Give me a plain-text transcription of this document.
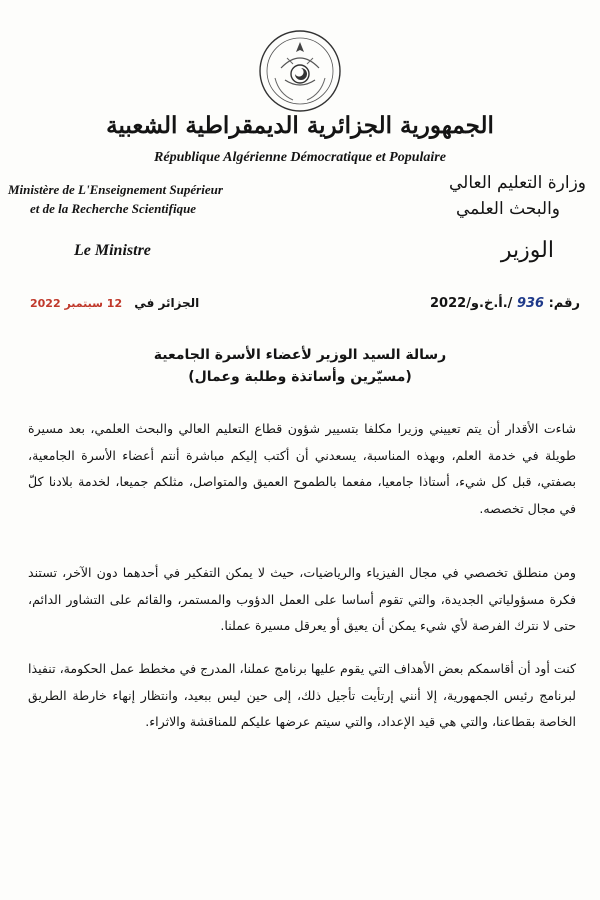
الجمهورية الجزائرية الديمقراطية الشعبية
République Algérienne Démocratique et Populaire
Ministère de L'Enseignement Supérieur
et de la Recherche Scientifique
وزارة التعليم العالي
والبحث العلمي
Le Ministre	الوزير
رقم: 936 /.أ.خ.و/2022
الجزائر في 12 سبتمبر 2022
رسالة السيد الوزير لأعضاء الأسرة الجامعية
(مسيّرين وأساتذة وطلبة وعمال)
شاءت الأقدار أن يتم تعييني وزيرا مكلفا بتسيير شؤون قطاع التعليم العالي والبحث العلمي، بعد مسيرة طويلة في خدمة العلم، وبهذه المناسبة، يسعدني أن أكتب إليكم مباشرة أنتم أعضاء الأسرة الجامعية، بصفتي، قبل كل شيء، أستاذا جامعيا، مفعما بالطموح العميق والمتواصل، مثلكم جميعا، لخدمة بلادنا كلّ في مجال تخصصه.
ومن منطلق تخصصي في مجال الفيزياء والرياضيات، حيث لا يمكن التفكير في أحدهما دون الآخر، تستند فكرة مسؤولياتي الجديدة، والتي تقوم أساسا على العمل الدؤوب والمستمر، والقائم على التشاور الدائم، حتى لا نترك الفرصة لأي شيء يمكن أن يعيق أو يعرقل مسيرة عملنا.
كنت أود أن أقاسمكم بعض الأهداف التي يقوم عليها برنامج عملنا، المدرج في مخطط عمل الحكومة، تنفيذا لبرنامج رئيس الجمهورية، إلا أنني إرتأيت تأجيل ذلك، إلى حين ليس ببعيد، وانتظار إنهاء خارطة الطريق الخاصة بقطاعنا، والتي هي قيد الإعداد، والتي سيتم عرضها عليكم للمناقشة والاثراء.
